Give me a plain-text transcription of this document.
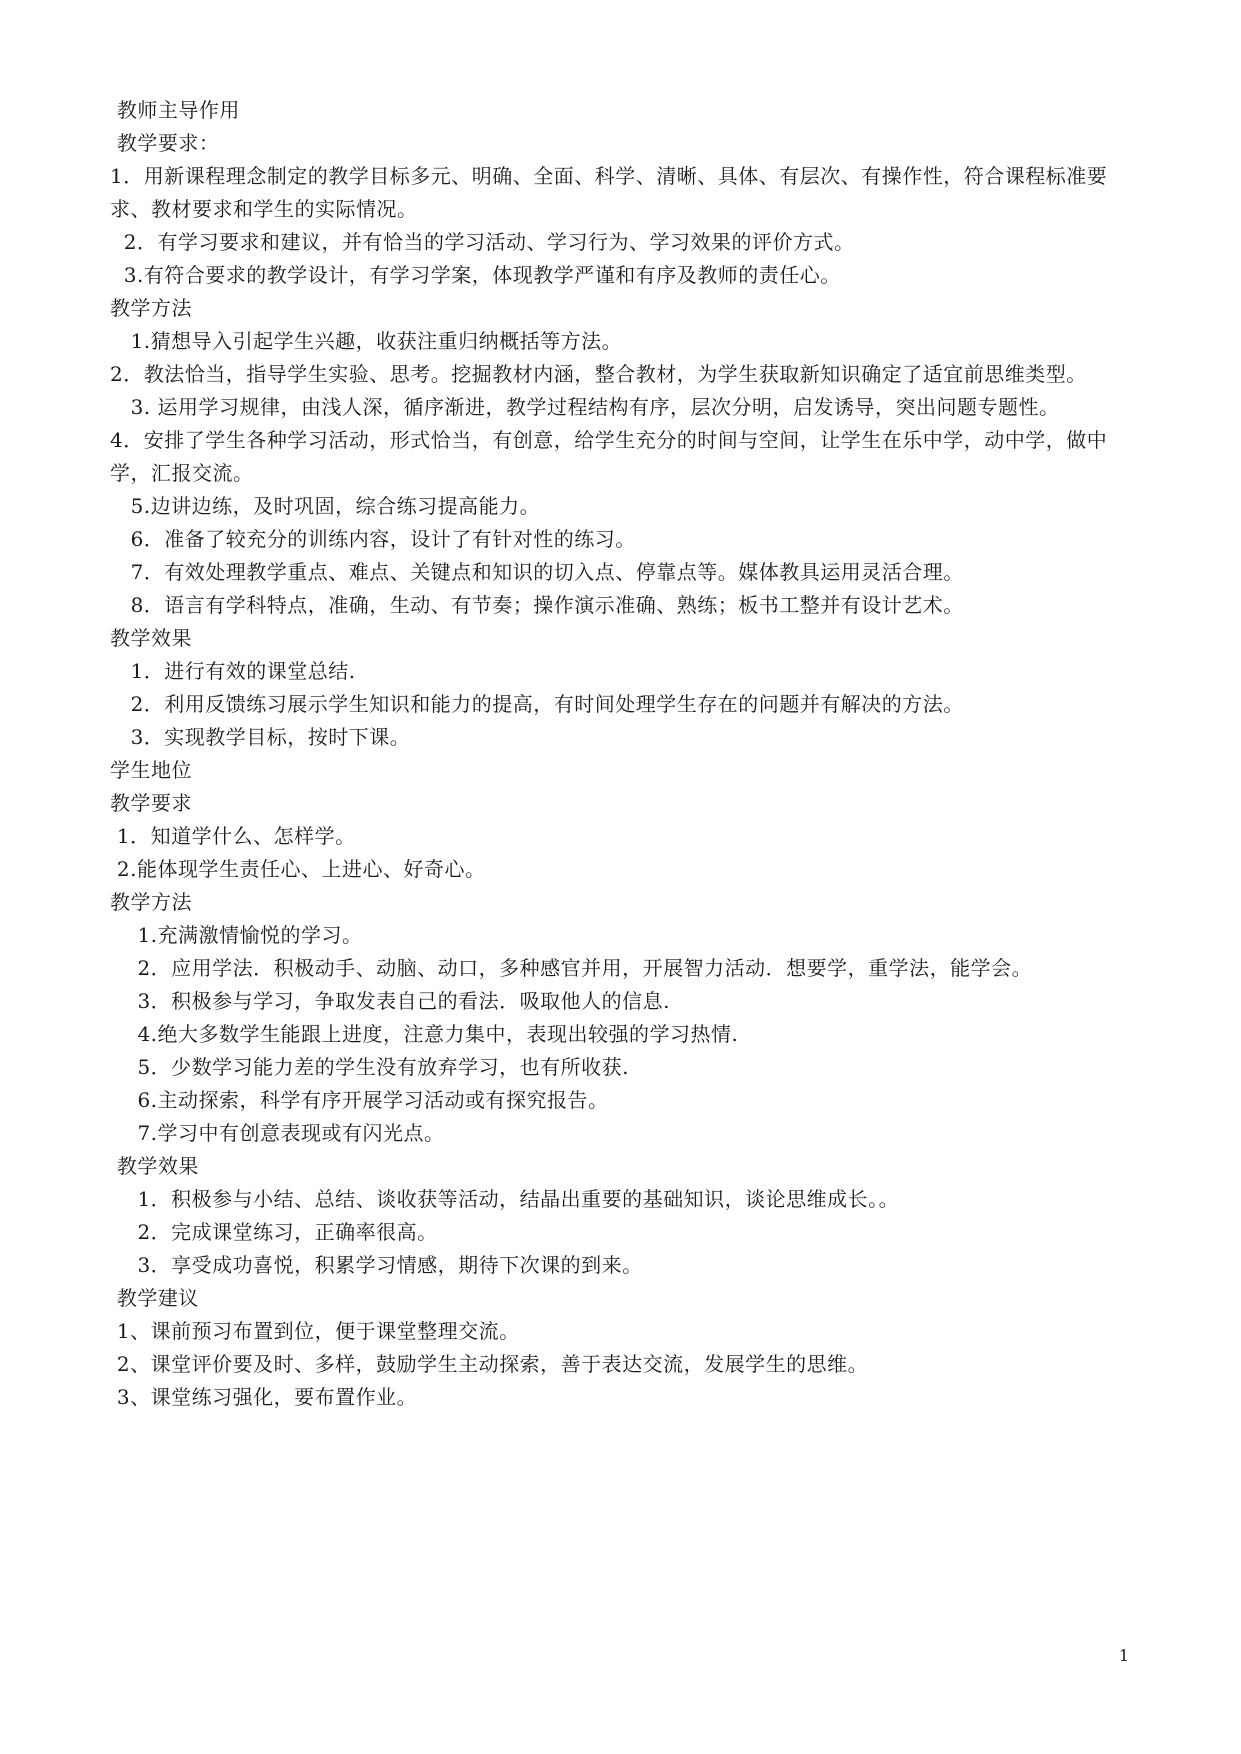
教师主导作用
教学要求：
1．用新课程理念制定的教学目标多元、明确、全面、科学、清晰、具体、有层次、有操作性，符合课程标准要求、教材要求和学生的实际情况。
2．有学习要求和建议，并有恰当的学习活动、学习行为、学习效果的评价方式。
3.有符合要求的教学设计，有学习学案，体现教学严谨和有序及教师的责任心。
教学方法
1.猜想导入引起学生兴趣，收获注重归纳概括等方法。
2．教法恰当，指导学生实验、思考。挖掘教材内涵，整合教材，为学生获取新知识确定了适宜前思维类型。
3. 运用学习规律，由浅人深，循序渐进，教学过程结构有序，层次分明，启发诱导，突出问题专题性。
4．安排了学生各种学习活动，形式恰当，有创意，给学生充分的时间与空间，让学生在乐中学，动中学，做中学，汇报交流。
5.边讲边练，及时巩固，综合练习提高能力。
6．准备了较充分的训练内容，设计了有针对性的练习。
7．有效处理教学重点、难点、关键点和知识的切入点、停靠点等。媒体教具运用灵活合理。
8．语言有学科特点，准确，生动、有节奏；操作演示准确、熟练；板书工整并有设计艺术。
教学效果
1．进行有效的课堂总结.
2．利用反馈练习展示学生知识和能力的提高，有时间处理学生存在的问题并有解决的方法。
3．实现教学目标，按时下课。
学生地位
教学要求
1．知道学什么、怎样学。
2.能体现学生责任心、上进心、好奇心。
教学方法
1.充满激情愉悦的学习。
2．应用学法．积极动手、动脑、动口，多种感官并用，开展智力活动．想要学，重学法，能学会。
3．积极参与学习，争取发表自己的看法．吸取他人的信息.
4.绝大多数学生能跟上进度，注意力集中，表现出较强的学习热情.
5．少数学习能力差的学生没有放弃学习，也有所收获.
6.主动探索，科学有序开展学习活动或有探究报告。
7.学习中有创意表现或有闪光点。
教学效果
1．积极参与小结、总结、谈收获等活动，结晶出重要的基础知识，谈论思维成长。。
2．完成课堂练习，正确率很高。
3．享受成功喜悦，积累学习情感，期待下次课的到来。
教学建议
1、课前预习布置到位，便于课堂整理交流。
2、课堂评价要及时、多样，鼓励学生主动探索，善于表达交流，发展学生的思维。
3、课堂练习强化，要布置作业。
1
